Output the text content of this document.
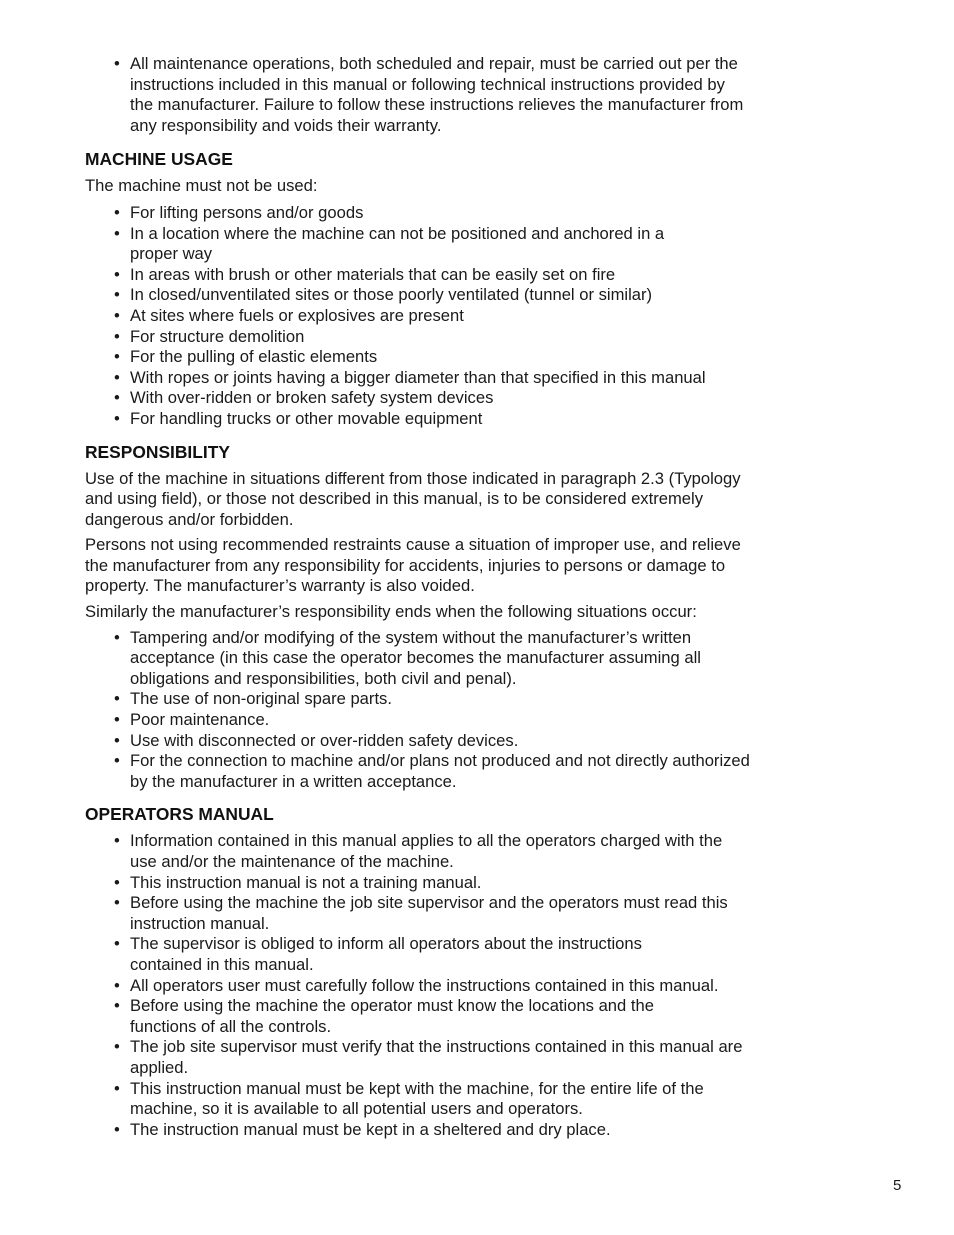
• All maintenance operations, both scheduled and repair, must be carried out per the instructions included in this manual or following technical instructions provided by the manufacturer. Failure to follow these instructions relieves the manufacturer from any responsibility and voids their warranty.
MACHINE USAGE

The machine must not be used:

• For lifting persons and/or goods
• In a location where the machine can not be positioned and anchored in a proper way
• In areas with brush or other materials that can be easily set on fire
• In closed/unventilated sites or those poorly ventilated (tunnel or similar)
• At sites where fuels or explosives are present
• For structure demolition
• For the pulling of elastic elements
• With ropes or joints having a bigger diameter than that specified in this manual
• With over-ridden or broken safety system devices
• For handling trucks or other movable equipment
RESPONSIBILITY

Use of the machine in situations different from those indicated in paragraph 2.3 (Typology and using field), or those not described in this manual, is to be considered extremely dangerous and/or forbidden.

Persons not using recommended restraints cause a situation of improper use, and relieve the manufacturer from any responsibility for accidents, injuries to persons or damage to property. The manufacturer’s warranty is also voided.

Similarly the manufacturer’s responsibility ends when the following situations occur:

• Tampering and/or modifying of the system without the manufacturer’s written acceptance (in this case the operator becomes the manufacturer assuming all obligations and responsibilities, both civil and penal).
• The use of non-original spare parts.
• Poor maintenance.
• Use with disconnected or over-ridden safety devices.
• For the connection to machine and/or plans not produced and not directly authorized by the manufacturer in a written acceptance.
OPERATORS MANUAL
• Information contained in this manual applies to all the operators charged with the use and/or the maintenance of the machine.
• This instruction manual is not a training manual.
• Before using the machine the job site supervisor and the operators must read this instruction manual.
• The supervisor is obliged to inform all operators about the instructions contained in this manual.
• All operators user must carefully follow the instructions contained in this manual.
• Before using the machine the operator must know the locations and the functions of all the controls.
• The job site supervisor must verify that the instructions contained in this manual are applied.
• This instruction manual must be kept with the machine, for the entire life of the machine, so it is available to all potential users and operators.
• The instruction manual must be kept in a sheltered and dry place.
5
